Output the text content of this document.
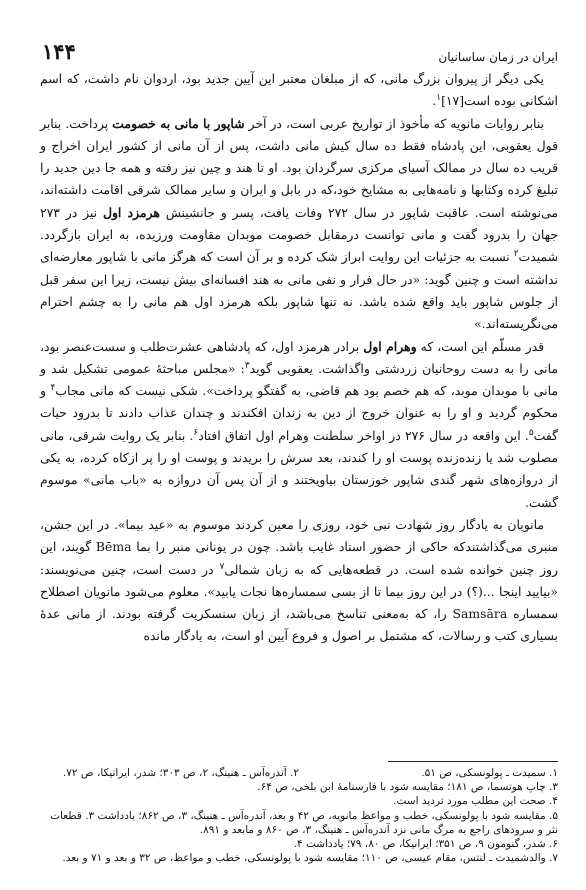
۱۴۴	ایران در زمان ساسانیان

یکی دیگر از پیروان بزرگ مانی، که از مبلغان معتبر این آیین جدید بود، اردوان نام داشت، که اسم اشکانی بوده است[۱۷]$^۱$.

بنابر روایات مانویه که مأخوذ از تواریخ عربی است، در آخر شاپور با مانی به خصومت پرداخت. بنابر قول یعقوبی، این پادشاه فقط ده سال کیش مانی داشت، پس از آن مانی از کشور ایران اخراج و قریب ده سال در ممالک آسیای مرکزی سرگردان بود. او تا هند و چین نیز رفته و همه جا دین جدید را تبلیغ کرده وکتابها و نامه‌هایی به مشایخ خود،که در بابل و ایران و سایر ممالک شرقی اقامت داشته‌اند، می‌نوشته است. عاقبت شاپور در سال ۲۷۲ وفات یافت، پسر و جانشینش هرمزد اول نیز در ۲۷۳ جهان را بدرود گفت و مانی توانست درمقابل خصومت موبدان مقاومت ورزیده، به ایران بازگردد. شمیدت$^۲$ نسبت به جزئیات این روایت ابراز شک کرده و بر آن است که هرگز مانی با شاپور معارضه‌ای نداشته است و چنین گوید: «در حال فرار و نفی مانی به هند افسانه‌ای بیش نیست، زیرا این سفر قبل از جلوس شاپور باید واقع شده باشد. نه تنها شاپور بلکه هرمزد اول هم مانی را به چشم احترام می‌نگریسته‌اند.»

قدر مسلّم این است، که وهرام اول برادر هرمزد اول، که پادشاهی عشرت‌طلب و سست‌عنصر بود، مانی را به دست روحانیان زردشتی واگذاشت. یعقوبی گوید$^۳$: «مجلس مباحثهٔ عمومی تشکیل شد و مانی با موبدان موبد، که هم خصم بود هم قاضی، به گفتگو پرداخت». شکی نیست که مانی مجاب$^۴$ و محکوم گردید و او را به عنوان خروج از دین به زندان افکندند و چندان عذاب دادند تا بدرود حیات گفت$^۵$. این واقعه در سال ۲۷۶ در اواخر سلطنت وهرام اول اتفاق افتاد$^۶$. بنابر یک روایت شرقی، مانی مصلوب شد یا زنده‌زنده پوست او را کندند، بعد سرش را بریدند و پوست او را پر ازکاه کرده، به یکی از دروازه‌های شهر گندی شاپور خوزستان بیاویختند و از آن پس آن دروازه به «باب مانی» موسوم گشت.

مانویان به یادگار روز شهادت نبی خود، روزی را معین کردند موسوم به «عید بیما». در این جشن، منبری می‌گذاشتندکه حاکی از حضور استاد غایب باشد. چون در یونانی منبر را بما Bēma گویند، این روز چنین خوانده شده است. در قطعه‌هایی که به زبان شمالی$^۷$ در دست است، چنین می‌نویسند: «بیایید اینجا ...(؟) در این روز بیما تا از بسی سمساره‌ها نجات یابید». معلوم می‌شود مانویان اصطلاح سمساره Samsāra را، که به‌معنی تناسخ می‌باشد، از زبان سنسکریت گرفته بودند. از مانی عدهٔ بسیاری کتب و رسالات، که مشتمل بر اصول و فروع آیین او است، به یادگار مانده

۱. سمیدت ـ پولونسکی، ص ۵۱.
۲. آندره‌آس ـ هنینگ، ۲، ص ۳۰۳؛ شدر، ایرانیکا، ص ۷۲.
۳. چاپ هوتسما، ص ۱۸۱؛ مقایسه شود با فارسنامهٔ ابن بلخی، ص ۶۴.
۴. صحت این مطلب مورد تردید است.
۵. مقایسه شود با پولونسکی، خطب و مواعظ مانویه، ص ۴۲ و بعد، آندره‌آس ـ هنینگ، ۳، ص ۸۶۲؛ یادداشت ۳. قطعات نثر و سرودهای راجع به مرگ مانی نزد آندره‌آس ـ هنینگ، ۳، ص ۸۶۰ و مابعد و ۸۹۱.
۶. شدر، گنومون ۹، ص ۳۵۱؛ ایرانیکا، ص ۸۰، ۷۹؛ یادداشت ۴.
۷. والدشمیدت ـ لنتس، مقام عیسی، ص ۱۱۰؛ مقایسه شود با پولونسکی، خطب و مواعظ، ص ۳۲ و بعد و ۷۱ و بعد.
